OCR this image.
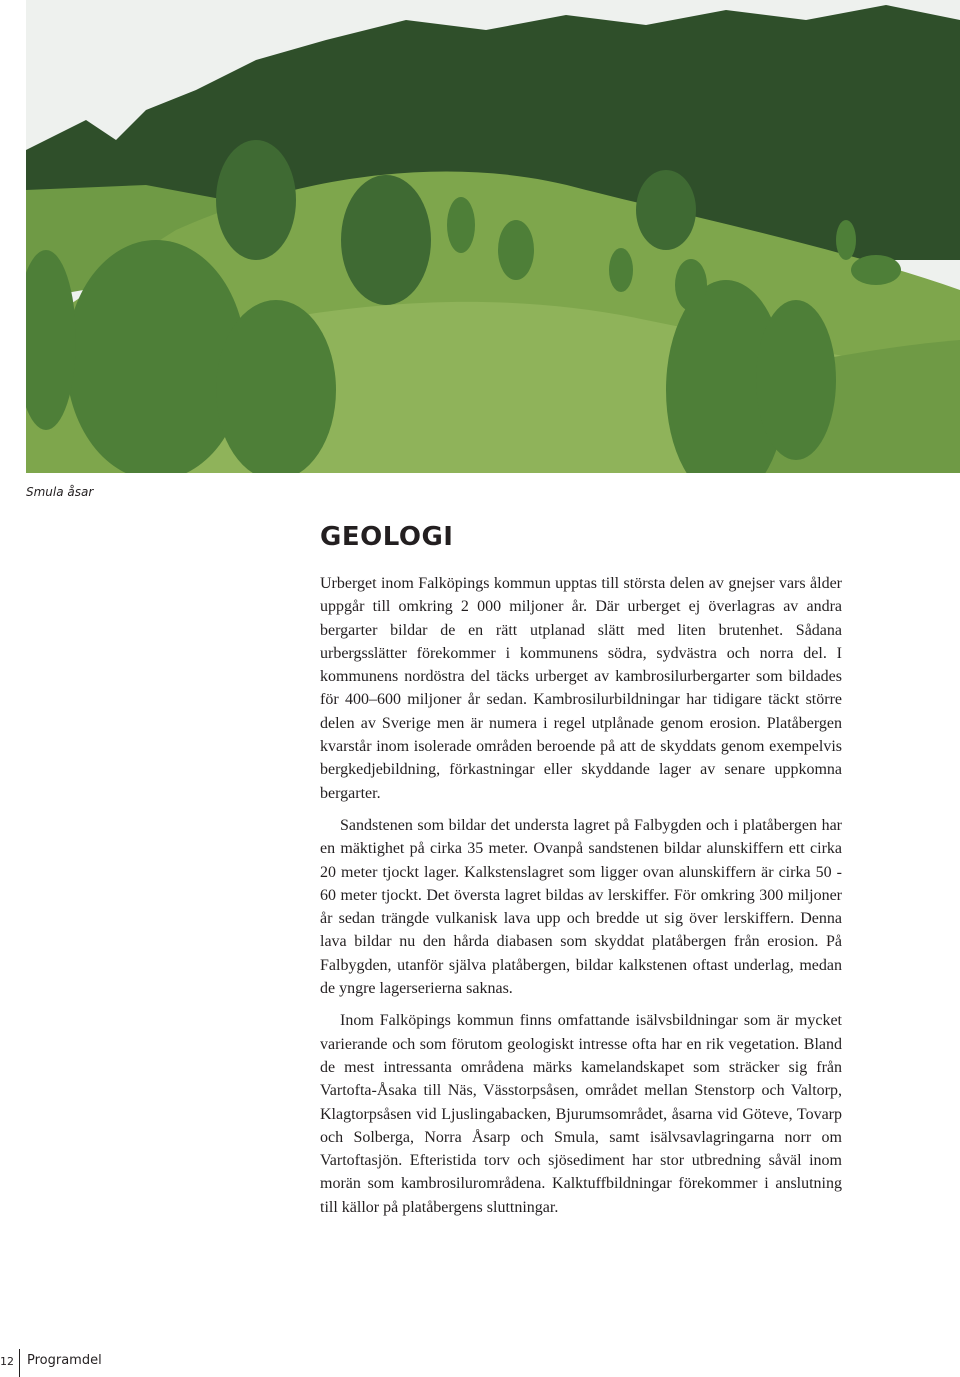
Smula åsar
GEOLOGI

Urberget inom Falköpings kommun upptas till största delen av gnejser vars ålder uppgår till omkring 2 000 miljoner år. Där urberget ej överlagras av andra bergarter bildar de en rätt utplanad slätt med liten brutenhet. Sådana urbergsslätter förekommer i kommunens södra, sydvästra och norra del. I kommunens nordöstra del täcks urberget av kambrosilurbergarter som bildades för 400–600 miljoner år sedan. Kambrosilurbildningar har tidigare täckt större delen av Sverige men är numera i regel utplånade genom erosion. Platåbergen kvarstår inom isolerade områden beroende på att de skyddats genom exempelvis bergkedjebildning, förkastningar eller skyddande lager av senare uppkomna bergarter.

Sandstenen som bildar det understa lagret på Falbygden och i platåbergen har en mäktighet på cirka 35 meter. Ovanpå sandstenen bildar alunskiffern ett cirka 20 meter tjockt lager. Kalkstenslagret som ligger ovan alunskiffern är cirka 50 - 60 meter tjockt. Det översta lagret bildas av lerskiffer. För omkring 300 miljoner år sedan trängde vulkanisk lava upp och bredde ut sig över lerskiffern. Denna lava bildar nu den hårda diabasen som skyddat platåbergen från erosion. På Falbygden, utanför själva platåbergen, bildar kalkstenen oftast underlag, medan de yngre lagerserierna saknas.

Inom Falköpings kommun finns omfattande isälvsbildningar som är mycket varierande och som förutom geologiskt intresse ofta har en rik vegetation. Bland de mest intressanta områdena märks kamelandskapet som sträcker sig från Vartofta-Åsaka till Näs, Vässtorpsåsen, området mellan Stenstorp och Valtorp, Klagtorpsåsen vid Ljuslingabacken, Bjurumsområdet, åsarna vid Göteve, Tovarp och Solberga, Norra Åsarp och Smula, samt isälvsavlagringarna norr om Vartoftasjön. Efteristida torv och sjösediment har stor utbredning såväl inom morän som kambrosilurområdena. Kalktuffbildningar förekommer i anslutning till källor på platåbergens sluttningar.

12 Programdel
